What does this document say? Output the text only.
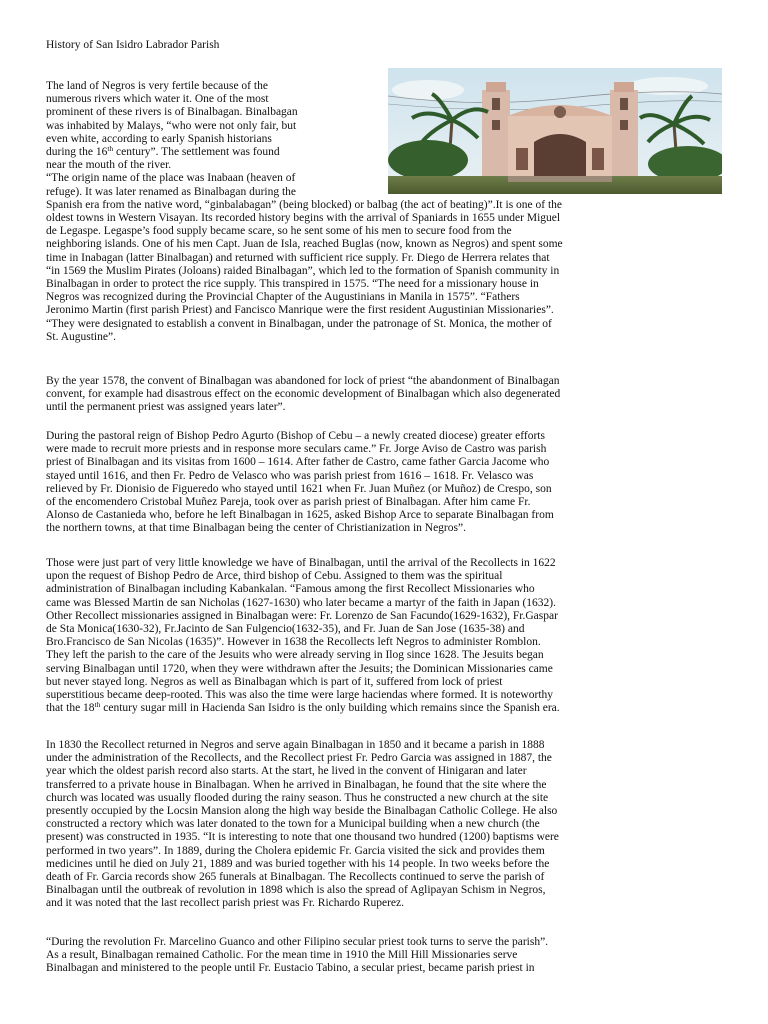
History of San Isidro Labrador Parish
The land of Negros is very fertile because of the
numerous rivers which water it. One of the most
prominent of these rivers is of Binalbagan. Binalbagan
was inhabited by Malays, “who were not only fair, but
even white, according to early Spanish historians
during the 16th century”. The settlement was found
near the mouth of the river.
“The origin name of the place was Inabaan (heaven of
refuge). It was later renamed as Binalbagan during the
Spanish era from the native word, “ginbalabagan” (being blocked) or balbag (the act of beating)”.It is one of the
oldest towns in Western Visayan. Its recorded history begins with the arrival of Spaniards in 1655 under Miguel
de Legaspe. Legaspe’s food supply became scare, so he sent some of his men to secure food from the
neighboring islands. One of his men Capt. Juan de Isla, reached Buglas (now, known as Negros) and spent some
time in Inabagan (latter Binalbagan) and returned with sufficient rice supply. Fr. Diego de Herrera relates that
“in 1569 the Muslim Pirates (Joloans) raided Binalbagan”, which led to the formation of Spanish community in
Binalbagan in order to protect the rice supply. This transpired in 1575. “The need for a missionary house in
Negros was recognized during the Provincial Chapter of the Augustinians in Manila in 1575”. “Fathers
Jeronimo Martin (first parish Priest) and Fancisco Manrique were the first resident Augustinian Missionaries”.
“They were designated to establish a convent in Binalbagan, under the patronage of St. Monica, the mother of
St. Augustine”.
By the year 1578, the convent of Binalbagan was abandoned for lock of priest “the abandonment of Binalbagan
convent, for example had disastrous effect on the economic development of Binalbagan which also degenerated
until the permanent priest was assigned years later”.
During the pastoral reign of Bishop Pedro Agurto (Bishop of Cebu – a newly created diocese) greater efforts
were made to recruit more priests and in response more seculars came.” Fr. Jorge Aviso de Castro was parish
priest of Binalbagan and its visitas from 1600 – 1614. After father de Castro, came father Garcia Jacome who
stayed until 1616, and then Fr. Pedro de Velasco who was parish priest from 1616 – 1618. Fr. Velasco was
relieved by Fr. Dionisio de Figueredo who stayed until 1621 when Fr. Juan Muñez (or Muñoz) de Crespo, son
of the encomendero Cristobal Muñez Pareja, took over as parish priest of Binalbagan. After him came Fr.
Alonso de Castanieda who, before he left Binalbagan in 1625, asked Bishop Arce to separate Binalbagan from
the northern towns, at that time Binalbagan being the center of Christianization in Negros”.
Those were just part of very little knowledge we have of Binalbagan, until the arrival of the Recollects in 1622
upon the request of Bishop Pedro de Arce, third bishop of Cebu. Assigned to them was the spiritual
administration of Binalbagan including Kabankalan. “Famous among the first Recollect Missionaries who
came was Blessed Martin de san Nicholas (1627-1630) who later became a martyr of the faith in Japan (1632).
Other Recollect missionaries assigned in Binalbagan were: Fr. Lorenzo de San Facundo(1629-1632), Fr.Gaspar
de Sta Monica(1630-32), Fr.Jacinto de San Fulgencio(1632-35), and Fr. Juan de San Jose (1635-38) and
Bro.Francisco de San Nicolas (1635)”. However in 1638 the Recollects left Negros to administer Romblon.
They left the parish to the care of the Jesuits who were already serving in Ilog since 1628. The Jesuits began
serving Binalbagan until 1720, when they were withdrawn after the Jesuits; the Dominican Missionaries came
but never stayed long. Negros as well as Binalbagan which is part of it, suffered from lock of priest
superstitious became deep-rooted. This was also the time were large haciendas where formed. It is noteworthy
that the 18th century sugar mill in Hacienda San Isidro is the only building which remains since the Spanish era.
In 1830 the Recollect returned in Negros and serve again Binalbagan in 1850 and it became a parish in 1888
under the administration of the Recollects, and the Recollect priest Fr. Pedro Garcia was assigned in 1887, the
year which the oldest parish record also starts. At the start, he lived in the convent of Hinigaran and later
transferred to a private house in Binalbagan. When he arrived in Binalbagan, he found that the site where the
church was located was usually flooded during the rainy season. Thus he constructed a new church at the site
presently occupied by the Locsin Mansion along the high way beside the Binalbagan Catholic College. He also
constructed a rectory which was later donated to the town for a Municipal building when a new church (the
present) was constructed in 1935. “It is interesting to note that one thousand two hundred (1200) baptisms were
performed in two years”. In 1889, during the Cholera epidemic Fr. Garcia visited the sick and provides them
medicines until he died on July 21, 1889 and was buried together with his 14 people. In two weeks before the
death of Fr. Garcia records show 265 funerals at Binalbagan. The Recollects continued to serve the parish of
Binalbagan until the outbreak of revolution in 1898 which is also the spread of Aglipayan Schism in Negros,
and it was noted that the last recollect parish priest was Fr. Richardo Ruperez.
“During the revolution Fr. Marcelino Guanco and other Filipino secular priest took turns to serve the parish”.
As a result, Binalbagan remained Catholic. For the mean time in 1910 the Mill Hill Missionaries serve
Binalbagan and ministered to the people until Fr. Eustacio Tabino, a secular priest, became parish priest in
